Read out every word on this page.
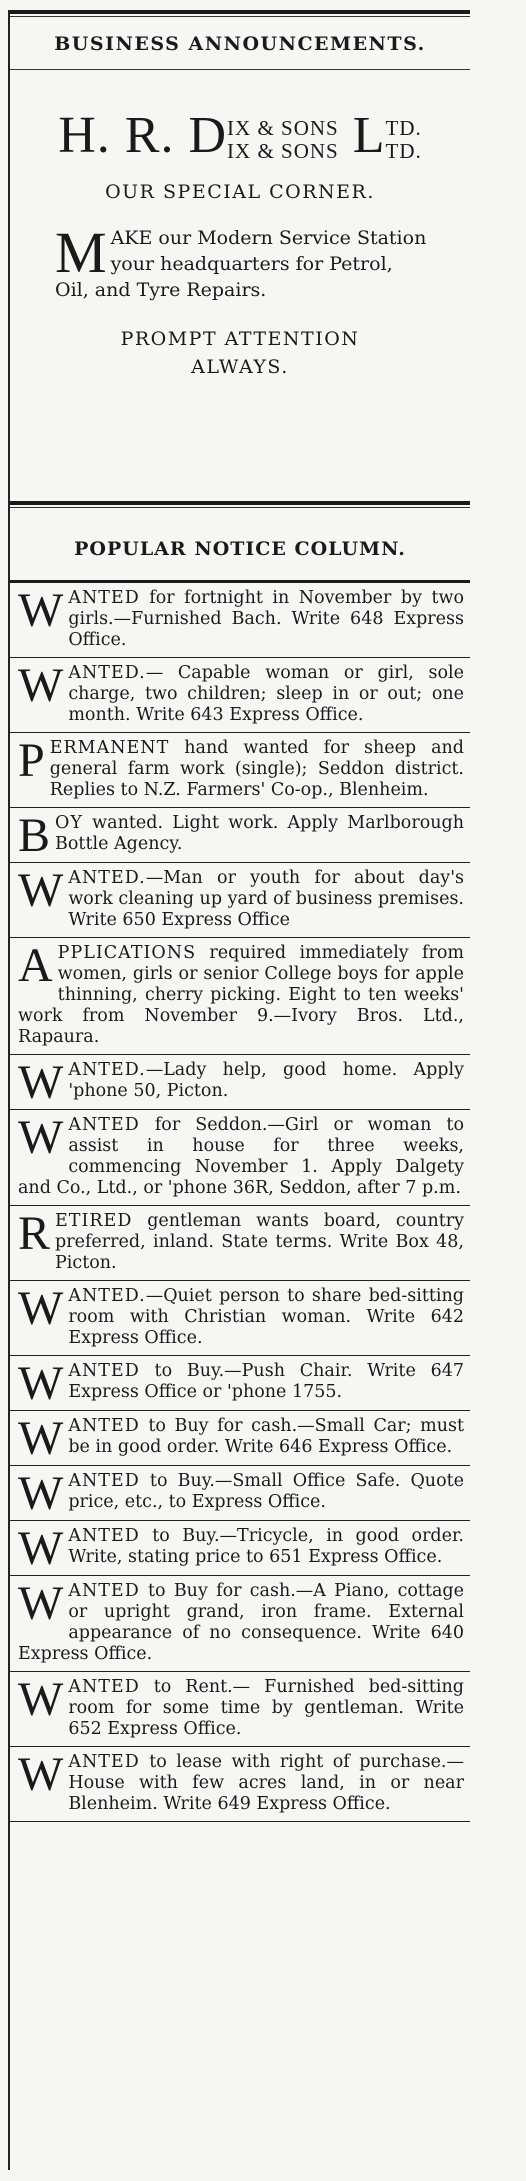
BUSINESS ANNOUNCEMENTS.
H. R. DIX & SONS
IX & SONS LTD.
TD.
OUR SPECIAL CORNER.
MAKE our Modern Service Station your headquarters for Petrol, Oil, and Tyre Repairs.
PROMPT ATTENTION
ALWAYS.
POPULAR NOTICE COLUMN.
WANTED for fortnight in November by two girls.—Furnished Bach. Write 648 Express Office.
WANTED.— Capable woman or girl, sole charge, two children; sleep in or out; one month. Write 643 Express Office.
PERMANENT hand wanted for sheep and general farm work (single); Seddon district. Replies to N.Z. Farmers' Co-op., Blenheim.
BOY wanted. Light work. Apply Marlborough Bottle Agency.
WANTED.—Man or youth for about day's work cleaning up yard of business premises. Write 650 Express Office
APPLICATIONS required immediately from women, girls or senior College boys for apple thinning, cherry picking. Eight to ten weeks' work from November 9.—Ivory Bros. Ltd., Rapaura.
WANTED.—Lady help, good home. Apply 'phone 50, Picton.
WANTED for Seddon.—Girl or woman to assist in house for three weeks, commencing November 1. Apply Dalgety and Co., Ltd., or 'phone 36R, Seddon, after 7 p.m.
RETIRED gentleman wants board, country preferred, inland. State terms. Write Box 48, Picton.
WANTED.—Quiet person to share bed-sitting room with Christian woman. Write 642 Express Office.
WANTED to Buy.—Push Chair. Write 647 Express Office or 'phone 1755.
WANTED to Buy for cash.—Small Car; must be in good order. Write 646 Express Office.
WANTED to Buy.—Small Office Safe. Quote price, etc., to Express Office.
WANTED to Buy.—Tricycle, in good order. Write, stating price to 651 Express Office.
WANTED to Buy for cash.—A Piano, cottage or upright grand, iron frame. External appearance of no consequence. Write 640 Express Office.
WANTED to Rent.— Furnished bed-sitting room for some time by gentleman. Write 652 Express Office.
WANTED to lease with right of purchase.—House with few acres land, in or near Blenheim. Write 649 Express Office.
